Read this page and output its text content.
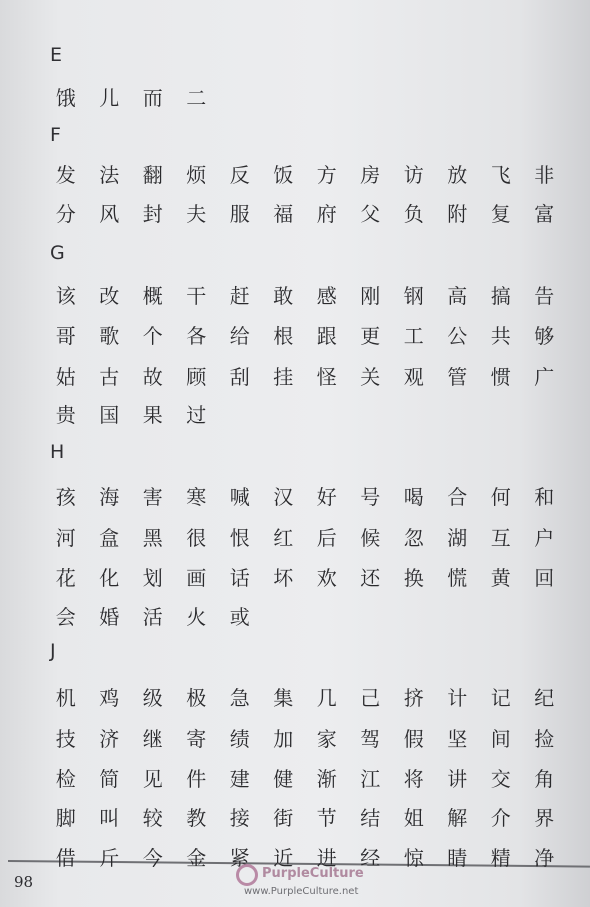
E
饿	儿	而	二
F
发	法	翻	烦	反	饭	方	房	访	放	飞	非
分	风	封	夫	服	福	府	父	负	附	复	富
G
该	改	概	干	赶	敢	感	刚	钢	高	搞	告
哥	歌	个	各	给	根	跟	更	工	公	共	够
姑	古	故	顾	刮	挂	怪	关	观	管	惯	广
贵	国	果	过
H
孩	海	害	寒	喊	汉	好	号	喝	合	何	和
河	盒	黑	很	恨	红	后	候	忽	湖	互	户
花	化	划	画	话	坏	欢	还	换	慌	黄	回
会	婚	活	火	或
J
机	鸡	级	极	急	集	几	己	挤	计	记	纪
技	济	继	寄	绩	加	家	驾	假	坚	间	捡
检	简	见	件	建	健	渐	江	将	讲	交	角
脚	叫	较	教	接	街	节	结	姐	解	介	界
借	斤	今	金	紧	近	进	经	惊	睛	精	净
98	PurpleCulture
www.PurpleCulture.net
